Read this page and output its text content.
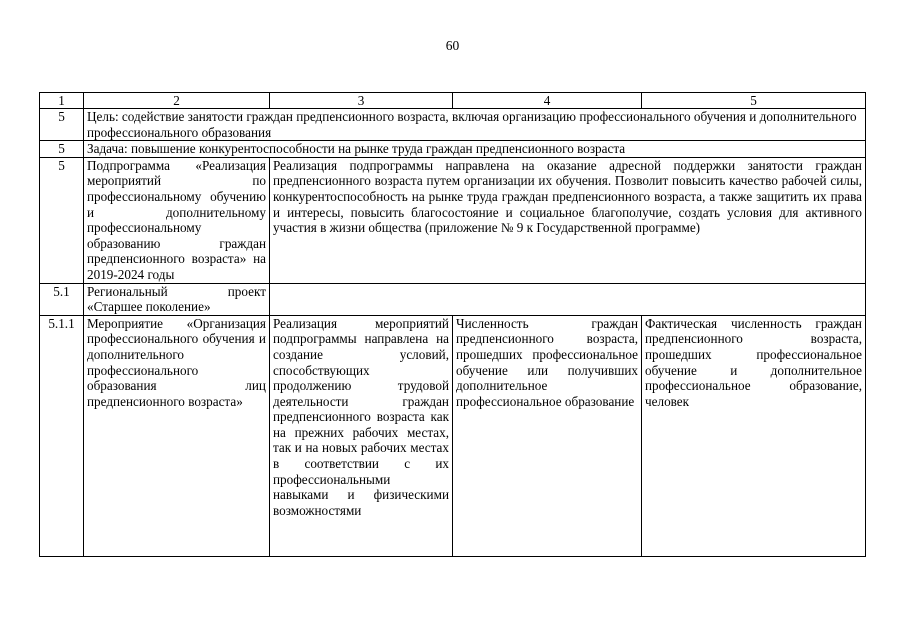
60
1	2	3	4	5
5	Цель: содействие занятости граждан предпенсионного возраста, включая организацию профессионального обучения и дополнительного профессионального образования			
5	Задача: повышение конкурентоспособности на рынке труда граждан предпенсионного возраста			
5	Подпрограмма «Реализация мероприятий по профессиональному обучению и дополнительному профессиональному образованию граждан предпенсионного возраста» на 2019-2024 годы	Реализация подпрограммы направлена на оказание адресной поддержки занятости граждан предпенсионного возраста путем организации их обучения. Позволит повысить качество рабочей силы, конкурентоспособность на рынке труда граждан предпенсионного возраста, а также защитить их права и интересы, повысить благосостояние и социальное благополучие, создать условия для активного участия в жизни общества (приложение № 9 к Государственной программе)		
5.1	Региональный проект «Старшее поколение»			
5.1.1	Мероприятие «Организация профессионального обучения и дополнительного профессионального образования лиц предпенсионного возраста»	Реализация мероприятий подпрограммы направлена на создание условий, способствующих продолжению трудовой деятельности граждан предпенсионного возраста как на прежних рабочих местах, так и на новых рабочих местах в соответствии с их профессиональными навыками и физическими возможностями	Численность граждан предпенсионного возраста, прошедших профессиональное обучение или получивших дополнительное профессиональное образование	Фактическая численность граждан предпенсионного возраста, прошедших профессиональное обучение и дополнительное профессиональное образование, человек
